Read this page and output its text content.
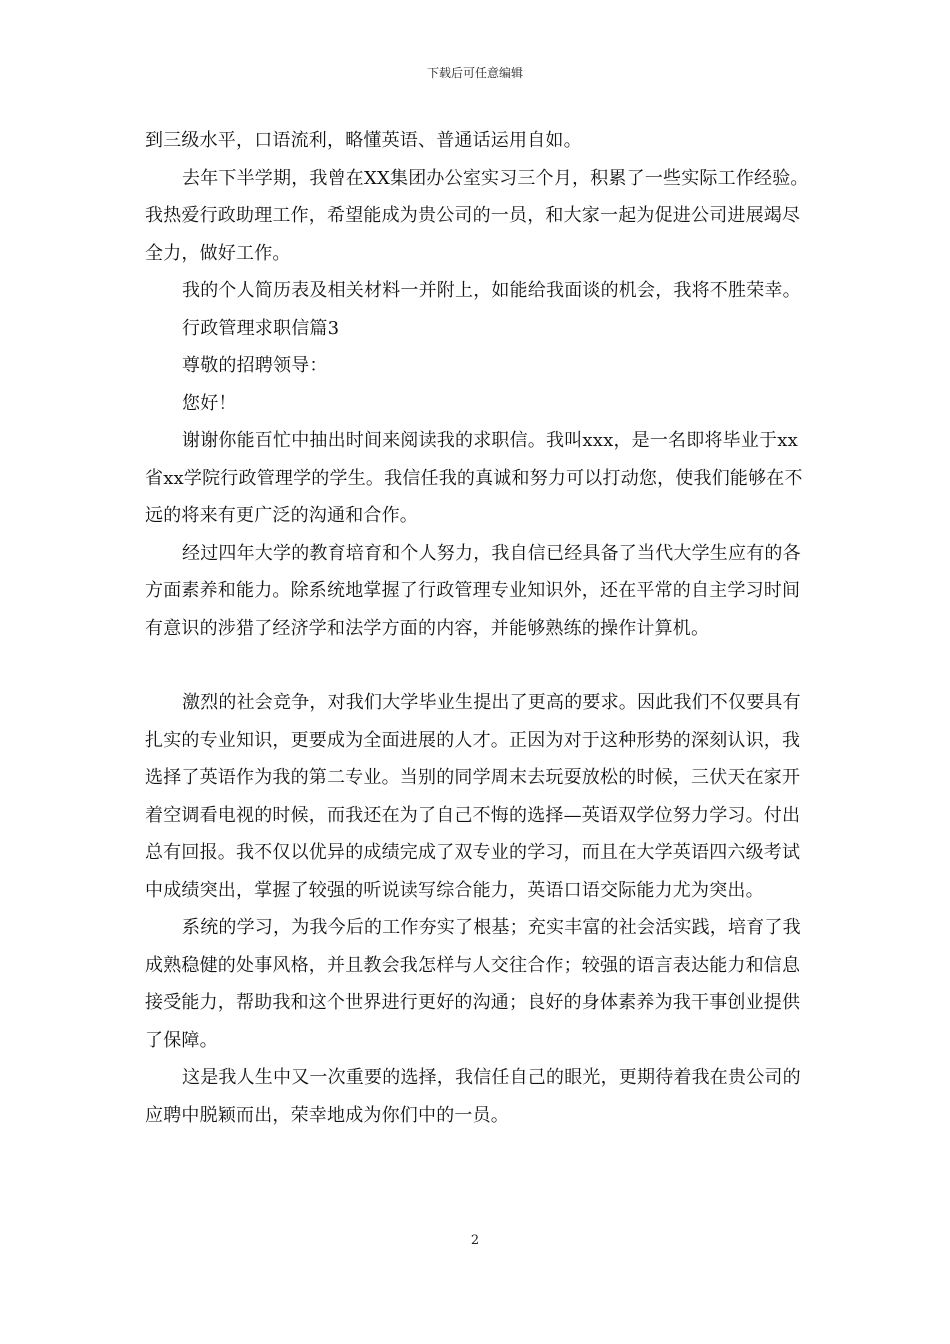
下载后可任意编辑

到三级水平，口语流利，略懂英语、普通话运用自如。

去年下半学期，我曾在XX集团办公室实习三个月，积累了一些实际工作经验。我热爱行政助理工作，希望能成为贵公司的一员，和大家一起为促进公司进展竭尽全力，做好工作。

我的个人简历表及相关材料一并附上，如能给我面谈的机会，我将不胜荣幸。

行政管理求职信篇3

尊敬的招聘领导：

您好！

谢谢你能百忙中抽出时间来阅读我的求职信。我叫xxx，是一名即将毕业于xx省xx学院行政管理学的学生。我信任我的真诚和努力可以打动您，使我们能够在不远的将来有更广泛的沟通和合作。

经过四年大学的教育培育和个人努力，我自信已经具备了当代大学生应有的各方面素养和能力。除系统地掌握了行政管理专业知识外，还在平常的自主学习时间有意识的涉猎了经济学和法学方面的内容，并能够熟练的操作计算机。

激烈的社会竞争，对我们大学毕业生提出了更高的要求。因此我们不仅要具有扎实的专业知识，更要成为全面进展的人才。正因为对于这种形势的深刻认识，我选择了英语作为我的第二专业。当别的同学周末去玩耍放松的时候，三伏天在家开着空调看电视的时候，而我还在为了自己不悔的选择—英语双学位努力学习。付出总有回报。我不仅以优异的成绩完成了双专业的学习，而且在大学英语四六级考试中成绩突出，掌握了较强的听说读写综合能力，英语口语交际能力尤为突出。

系统的学习，为我今后的工作夯实了根基；充实丰富的社会活实践，培育了我成熟稳健的处事风格，并且教会我怎样与人交往合作；较强的语言表达能力和信息接受能力，帮助我和这个世界进行更好的沟通；良好的身体素养为我干事创业提供了保障。

这是我人生中又一次重要的选择，我信任自己的眼光，更期待着我在贵公司的应聘中脱颖而出，荣幸地成为你们中的一员。

2
